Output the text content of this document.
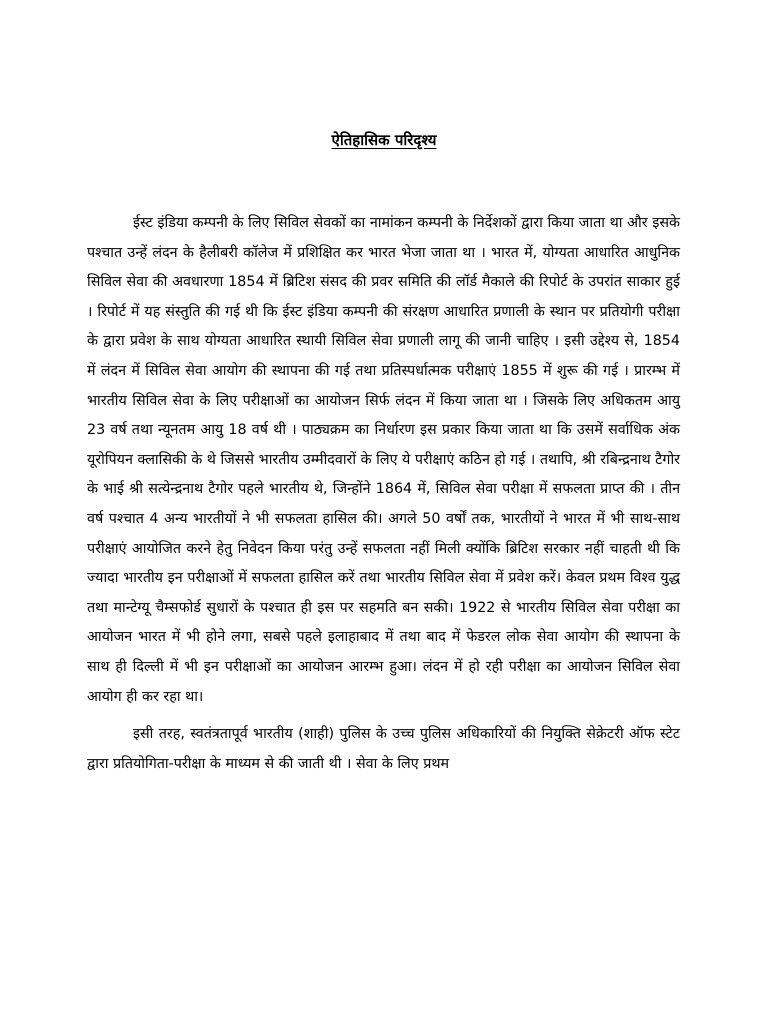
ऐतिहासिक परिदृश्य

ईस्ट इंडिया कम्पनी के लिए सिविल सेवकों का नामांकन कम्पनी के निर्देशकों द्वारा किया जाता था और इसके पश्चात उन्हें लंदन के हैलीबरी कॉलेज में प्रशिक्षित कर भारत भेजा जाता था । भारत में, योग्यता आधारित आधुनिक सिविल सेवा की अवधारणा 1854 में ब्रिटिश संसद की प्रवर समिति की लॉर्ड मैकाले की रिपोर्ट के उपरांत साकार हुई । रिपोर्ट में यह संस्तुति की गई थी कि ईस्ट इंडिया कम्पनी की संरक्षण आधारित प्रणाली के स्थान पर प्रतियोगी परीक्षा के द्वारा प्रवेश के साथ योग्यता आधारित स्थायी सिविल सेवा प्रणाली लागू की जानी चाहिए । इसी उद्देश्य से, 1854 में लंदन में सिविल सेवा आयोग की स्थापना की गई तथा प्रतिस्पर्धात्मक परीक्षाएं 1855 में शुरू की गई । प्रारम्भ में भारतीय सिविल सेवा के लिए परीक्षाओं का आयोजन सिर्फ लंदन में किया जाता था । जिसके लिए अधिकतम आयु 23 वर्ष तथा न्यूनतम आयु 18 वर्ष थी । पाठ्यक्रम का निर्धारण इस प्रकार किया जाता था कि उसमें सर्वाधिक अंक यूरोपियन क्लासिकी के थे जिससे भारतीय उम्मीदवारों के लिए ये परीक्षाएं कठिन हो गई । तथापि, श्री रबिन्द्रनाथ टैगोर के भाई श्री सत्येन्द्रनाथ टैगोर पहले भारतीय थे, जिन्होंने 1864 में, सिविल सेवा परीक्षा में सफलता प्राप्त की । तीन वर्ष पश्चात 4 अन्य भारतीयों ने भी सफलता हासिल की। अगले 50 वर्षों तक, भारतीयों ने भारत में भी साथ-साथ परीक्षाएं आयोजित करने हेतु निवेदन किया परंतु उन्हें सफलता नहीं मिली क्योंकि ब्रिटिश सरकार नहीं चाहती थी कि ज्यादा भारतीय इन परीक्षाओं में सफलता हासिल करें तथा भारतीय सिविल सेवा में प्रवेश करें। केवल प्रथम विश्व युद्ध तथा मान्टेग्यू चैम्सफोर्ड सुधारों के पश्चात ही इस पर सहमति बन सकी। 1922 से भारतीय सिविल सेवा परीक्षा का आयोजन भारत में भी होने लगा, सबसे पहले इलाहाबाद में तथा बाद में फेडरल लोक सेवा आयोग की स्थापना के साथ ही दिल्ली में भी इन परीक्षाओं का आयोजन आरम्भ हुआ। लंदन में हो रही परीक्षा का आयोजन सिविल सेवा आयोग ही कर रहा था।

इसी तरह, स्वतंत्रतापूर्व भारतीय (शाही) पुलिस के उच्च पुलिस अधिकारियों की नियुक्ति सेक्रेटरी ऑफ स्टेट द्वारा प्रतियोगिता-परीक्षा के माध्यम से की जाती थी । सेवा के लिए प्रथम
